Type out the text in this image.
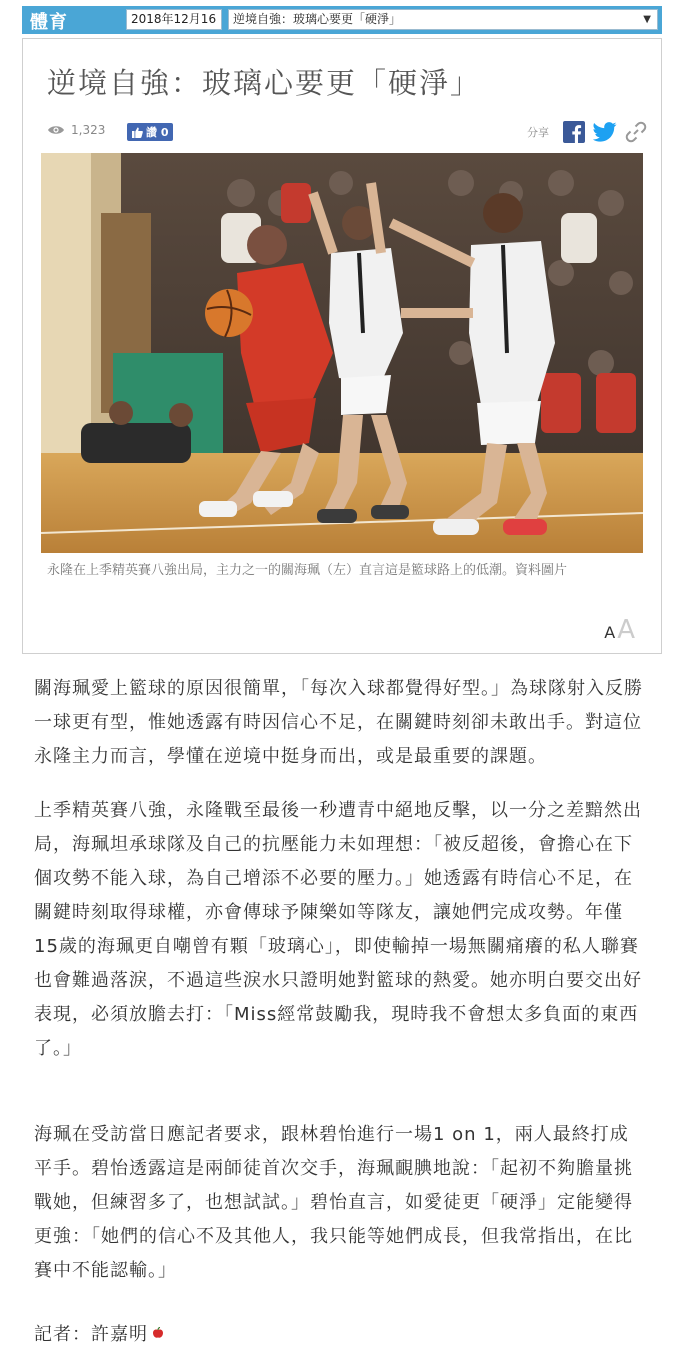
體育	2018年12月16	逆境自強：玻璃心要更「硬淨」	▼
逆境自強：玻璃心要更「硬淨」
1,323	讚 0	分享
永隆在上季精英賽八強出局，主力之一的關海珮（左）直言這是籃球路上的低潮。資料圖片
A A

關海珮愛上籃球的原因很簡單，「每次入球都覺得好型。」為球隊射入反勝一球更有型，惟她透露有時因信心不足，在關鍵時刻卻未敢出手。對這位永隆主力而言，學懂在逆境中挺身而出，或是最重要的課題。

上季精英賽八強，永隆戰至最後一秒遭青中絕地反擊，以一分之差黯然出局，海珮坦承球隊及自己的抗壓能力未如理想：「被反超後，會擔心在下個攻勢不能入球，為自己增添不必要的壓力。」她透露有時信心不足，在關鍵時刻取得球權，亦會傳球予陳樂如等隊友，讓她們完成攻勢。年僅15歲的海珮更自嘲曾有顆「玻璃心」，即使輸掉一場無關痛癢的私人聯賽也會難過落淚，不過這些淚水只證明她對籃球的熱愛。她亦明白要交出好表現，必須放膽去打：「Miss經常鼓勵我，現時我不會想太多負面的東西了。」

海珮在受訪當日應記者要求，跟林碧怡進行一場1 on 1，兩人最終打成平手。碧怡透露這是兩師徒首次交手，海珮靦腆地說：「起初不夠膽量挑戰她，但練習多了，也想試試。」碧怡直言，如愛徒更「硬淨」定能變得更強：「她們的信心不及其他人，我只能等她們成長，但我常指出，在比賽中不能認輸。」

記者：許嘉明
